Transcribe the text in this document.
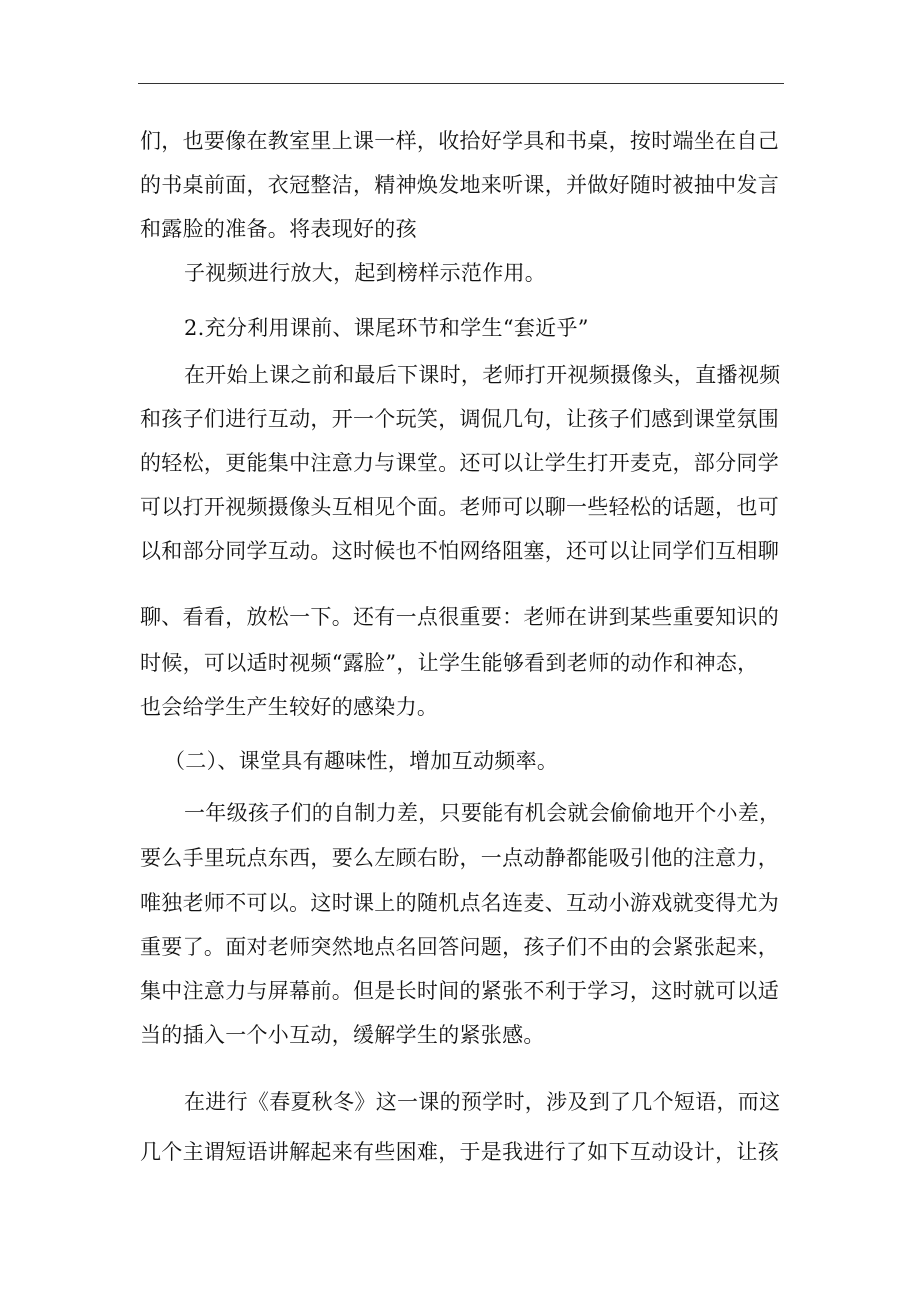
们，也要像在教室里上课一样，收拾好学具和书桌，按时端坐在自己
的书桌前面，衣冠整洁，精神焕发地来听课，并做好随时被抽中发言
和露脸的准备。将表现好的孩
子视频进行放大，起到榜样示范作用。
2.充分利用课前、课尾环节和学生“套近乎”
在开始上课之前和最后下课时，老师打开视频摄像头，直播视频
和孩子们进行互动，开一个玩笑，调侃几句，让孩子们感到课堂氛围
的轻松，更能集中注意力与课堂。还可以让学生打开麦克，部分同学
可以打开视频摄像头互相见个面。老师可以聊一些轻松的话题，也可
以和部分同学互动。这时候也不怕网络阻塞，还可以让同学们互相聊
聊、看看，放松一下。还有一点很重要：老师在讲到某些重要知识的
时候，可以适时视频“露脸”，让学生能够看到老师的动作和神态，
也会给学生产生较好的感染力。
（二）、课堂具有趣味性，增加互动频率。
一年级孩子们的自制力差，只要能有机会就会偷偷地开个小差，
要么手里玩点东西，要么左顾右盼，一点动静都能吸引他的注意力，
唯独老师不可以。这时课上的随机点名连麦、互动小游戏就变得尤为
重要了。面对老师突然地点名回答问题，孩子们不由的会紧张起来，
集中注意力与屏幕前。但是长时间的紧张不利于学习，这时就可以适
当的插入一个小互动，缓解学生的紧张感。
在进行《春夏秋冬》这一课的预学时，涉及到了几个短语，而这
几个主谓短语讲解起来有些困难，于是我进行了如下互动设计，让孩
